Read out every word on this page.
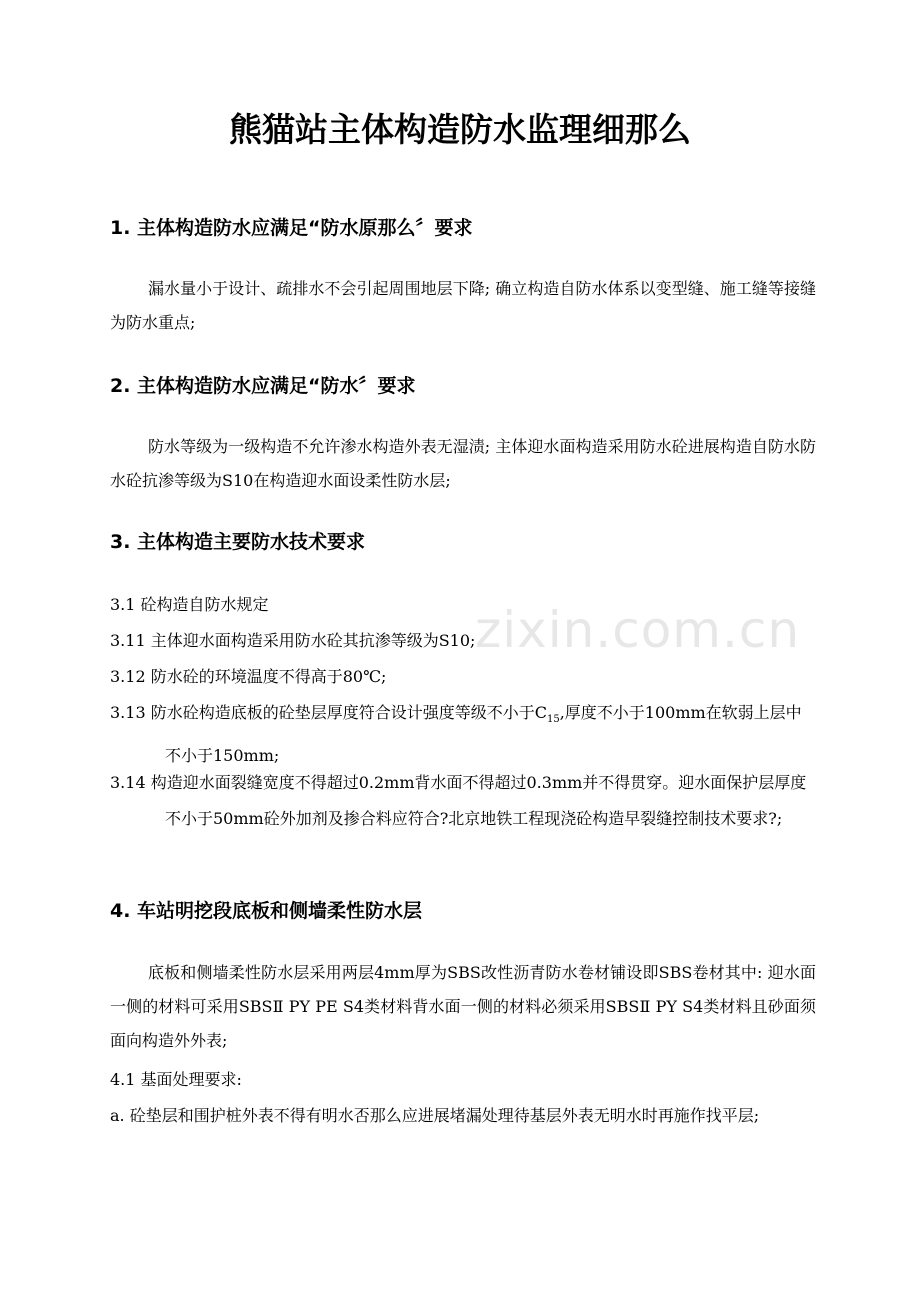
zixin.com.cn
熊猫站主体构造防水监理细那么
1. 主体构造防水应满足“防水原那么〞要求
漏水量小于设计、疏排水不会引起周围地层下降; 确立构造自防水体系以变型缝、施工缝等接缝为防水重点;
2. 主体构造防水应满足“防水〞要求
防水等级为一级构造不允许渗水构造外表无湿渍; 主体迎水面构造采用防水砼进展构造自防水防水砼抗渗等级为S10在构造迎水面设柔性防水层;
3. 主体构造主要防水技术要求
3.1 砼构造自防水规定
3.11 主体迎水面构造采用防水砼其抗渗等级为S10;
3.12 防水砼的环境温度不得高于80℃;
3.13 防水砼构造底板的砼垫层厚度符合设计强度等级不小于$C_{15}$,厚度不小于100mm在软弱上层中不小于150mm;
3.14 构造迎水面裂缝宽度不得超过0.2mm背水面不得超过0.3mm并不得贯穿。迎水面保护层厚度不小于50mm砼外加剂及掺合料应符合?北京地铁工程现浇砼构造早裂缝控制技术要求?;
4. 车站明挖段底板和侧墙柔性防水层
底板和侧墙柔性防水层采用两层4mm厚为SBS改性沥青防水卷材铺设即SBS卷材其中: 迎水面一侧的材料可采用SBSⅡ PY PE S4类材料背水面一侧的材料必须采用SBSⅡ PY S4类材料且砂面须面向构造外外表;
4.1 基面处理要求:
a. 砼垫层和围护桩外表不得有明水否那么应进展堵漏处理待基层外表无明水时再施作找平层;
